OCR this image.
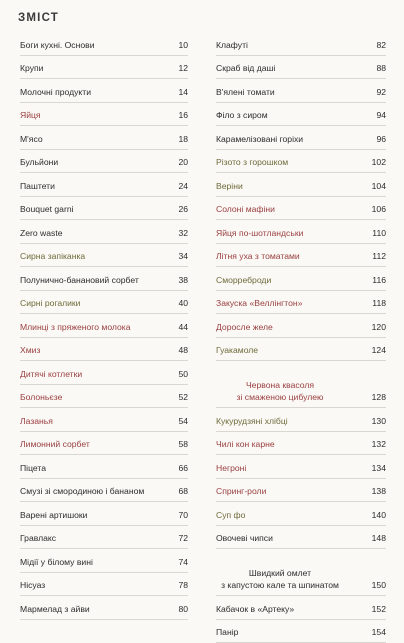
ЗМІСТ
Боги кухні. Основи	10
Крупи	12
Молочні продукти	14
Яйця	16
М'ясо	18
Бульйони	20
Паштети	24
Bouquet garni	26
Zero waste	32
Сирна запіканка	34
Полунично-банановий сорбет	38
Сирні рогалики	40
Млинці з пряженого молока	44
Хмиз	48
Дитячі котлетки	50
Болоньєзе	52
Лазанья	54
Лимонний сорбет	58
Піцета	66
Смузі зі смородиною і бананом	68
Варені артишоки	70
Гравлакс	72
Мідії у білому вині	74
Нісуаз	78
Мармелад з айви	80
Клафуті	82
Скраб від даші	88
В'ялені томати	92
Філо з сиром	94
Карамелізовані горіхи	96
Різото з горошком	102
Веріни	104
Солоні мафіни	106
Яйця по-шотландськи	110
Літня уха з томатами	112
Сморреброди	116
Закуска «Веллінгтон»	118
Доросле желе	120
Гуакамоле	124
Червона квасоля
зі смаженою цибулею	128
Кукурудзяні хлібці	130
Чилі кон карне	132
Негроні	134
Спринг-роли	138
Суп фо	140
Овочеві чипси	148
Швидкий омлет
з капустою кале та шпинатом	150
Кабачок в «Артеку»	152
Панір	154
